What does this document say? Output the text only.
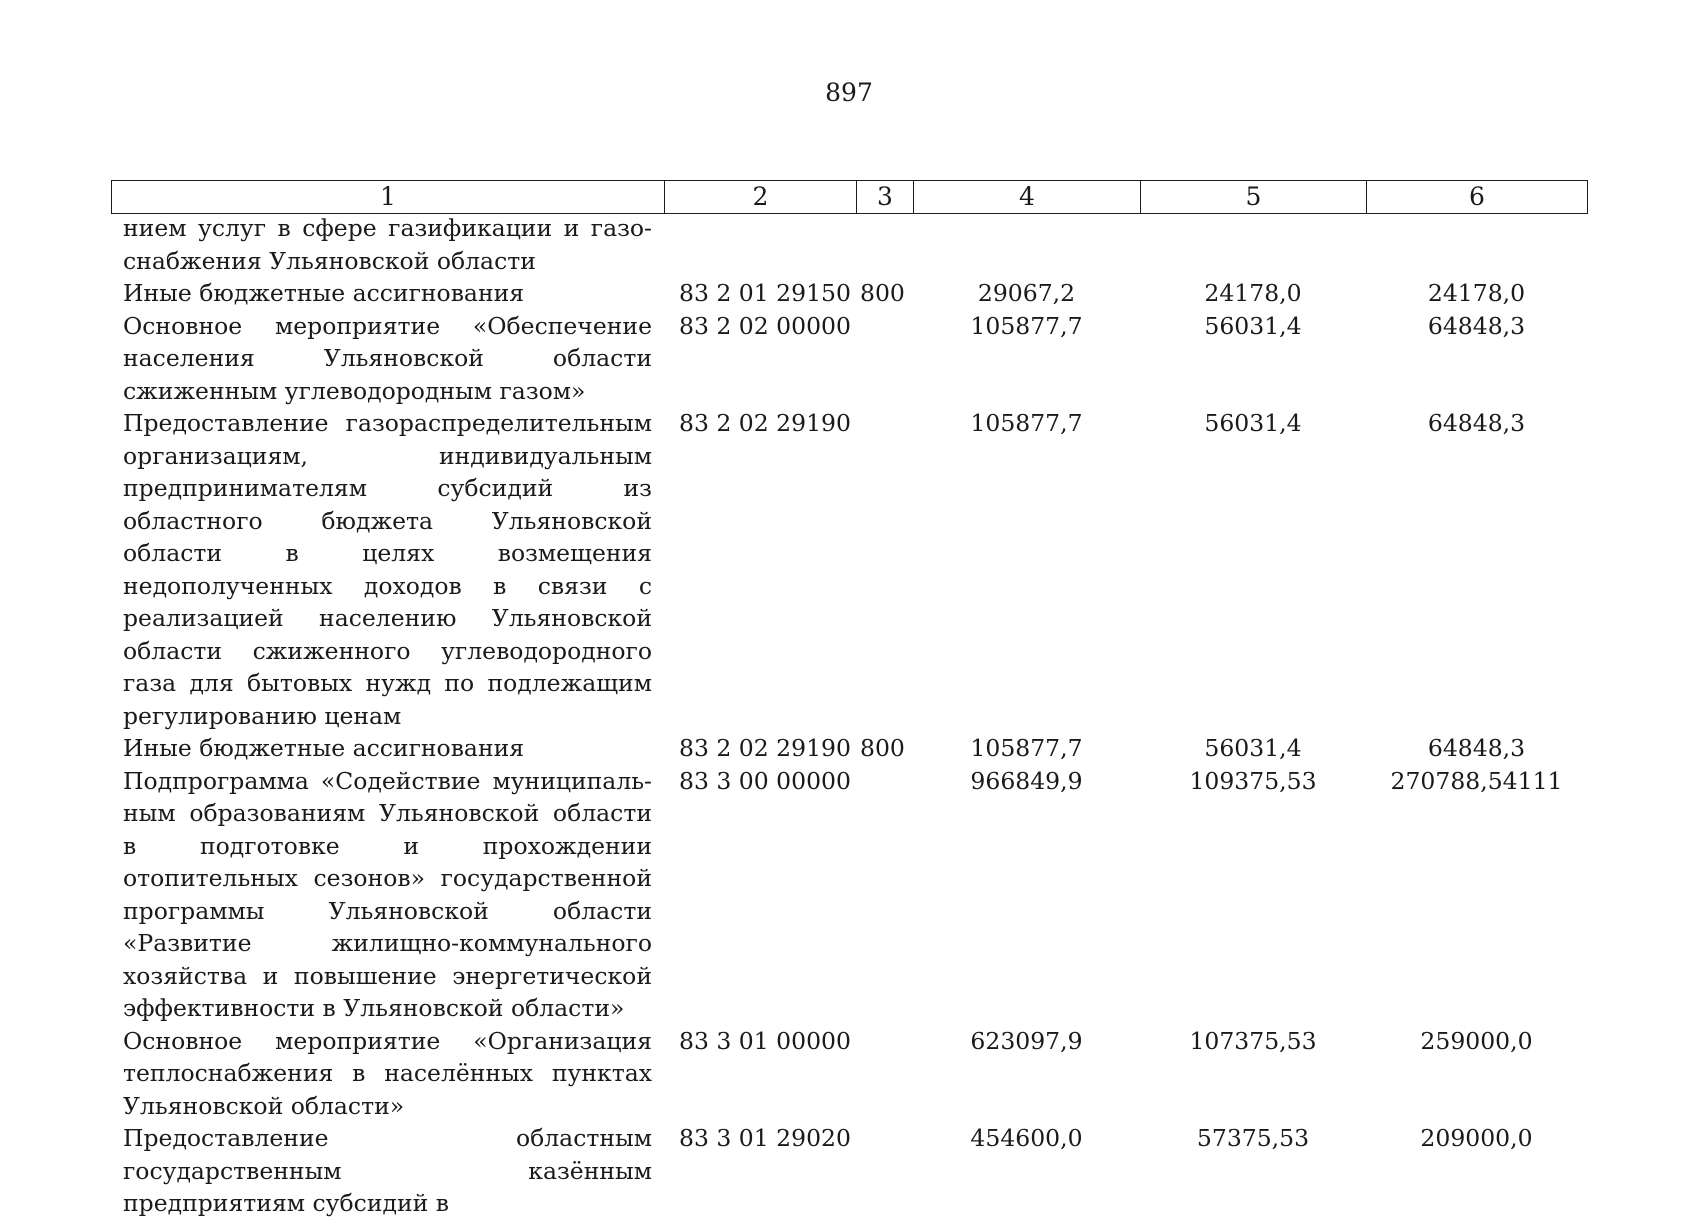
897
1	2	3	4	5	6
нием услуг в сфере газификации и газоснабжения Ульяновской области					
Иные бюджетные ассигнования	83 2 01 29150	800	29067,2	24178,0	24178,0
Основное мероприятие «Обеспечение населения Ульяновской области сжиженным углеводородным газом»	83 2 02 00000		105877,7	56031,4	64848,3
Предоставление газораспределительным организациям, индивидуальным предпринимателям субсидий из областного бюджета Ульяновской области в целях возмещения недополученных доходов в связи с реализацией населению Ульяновской области сжиженного углеводородного газа для бытовых нужд по подлежащим регулированию ценам	83 2 02 29190		105877,7	56031,4	64848,3
Иные бюджетные ассигнования	83 2 02 29190	800	105877,7	56031,4	64848,3
Подпрограмма «Содействие муниципальным образованиям Ульяновской области в подготовке и прохождении отопительных сезонов» государственной программы Ульяновской области «Развитие жилищно-коммунального хозяйства и повышение энергетической эффективности в Ульяновской области»	83 3 00 00000		966849,9	109375,53	270788,54111
Основное мероприятие «Организация теплоснабжения в населённых пунктах Ульяновской области»	83 3 01 00000		623097,9	107375,53	259000,0
Предоставление областным государственным казённым предприятиям субсидий в	83 3 01 29020		454600,0	57375,53	209000,0
